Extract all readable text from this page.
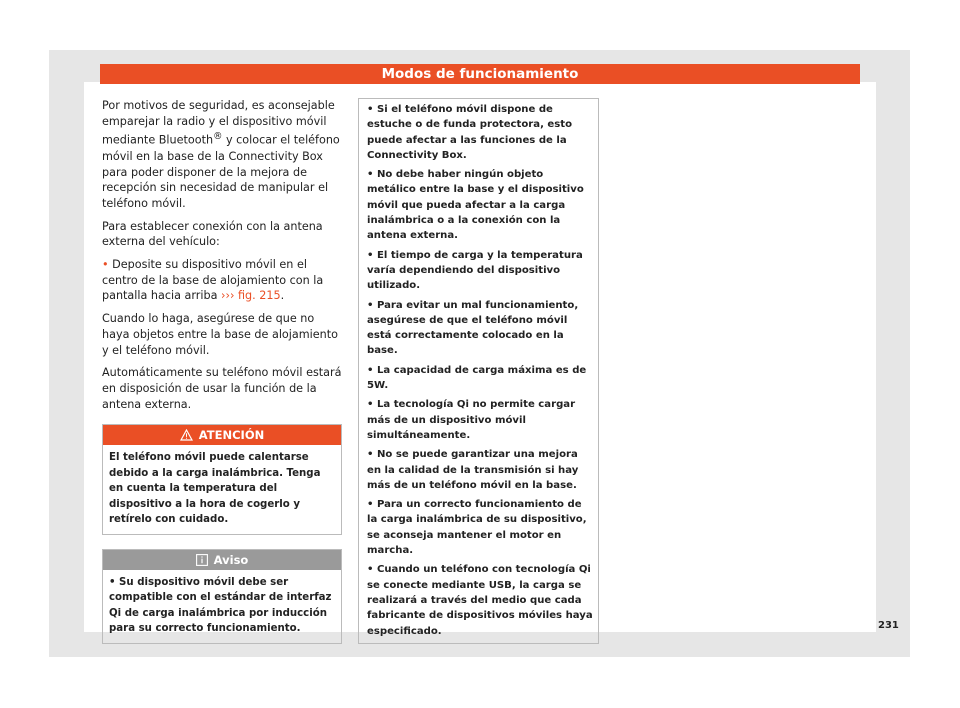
Modos de funcionamiento

Por motivos de seguridad, es aconsejable emparejar la radio y el dispositivo móvil mediante Bluetooth® y colocar el teléfono móvil en la base de la Connectivity Box para poder disponer de la mejora de recepción sin necesidad de manipular el teléfono móvil.

Para establecer conexión con la antena externa del vehículo:

• Deposite su dispositivo móvil en el centro de la base de alojamiento con la pantalla hacia arriba ››› fig. 215.

Cuando lo haga, asegúrese de que no haya objetos entre la base de alojamiento y el teléfono móvil.

Automáticamente su teléfono móvil estará en disposición de usar la función de la antena externa.

ATENCIÓN

El teléfono móvil puede calentarse debido a la carga inalámbrica. Tenga en cuenta la temperatura del dispositivo a la hora de cogerlo y retírelo con cuidado.

Aviso

• Su dispositivo móvil debe ser compatible con el estándar de interfaz Qi de carga inalámbrica por inducción para su correcto funcionamiento.

• Si el teléfono móvil dispone de estuche o de funda protectora, esto puede afectar a las funciones de la Connectivity Box.

• No debe haber ningún objeto metálico entre la base y el dispositivo móvil que pueda afectar a la carga inalámbrica o a la conexión con la antena externa.

• El tiempo de carga y la temperatura varía dependiendo del dispositivo utilizado.

• Para evitar un mal funcionamiento, asegúrese de que el teléfono móvil está correctamente colocado en la base.

• La capacidad de carga máxima es de 5W.

• La tecnología Qi no permite cargar más de un dispositivo móvil simultáneamente.

• No se puede garantizar una mejora en la calidad de la transmisión si hay más de un teléfono móvil en la base.

• Para un correcto funcionamiento de la carga inalámbrica de su dispositivo, se aconseja mantener el motor en marcha.

• Cuando un teléfono con tecnología Qi se conecte mediante USB, la carga se realizará a través del medio que cada fabricante de dispositivos móviles haya especificado.	231
